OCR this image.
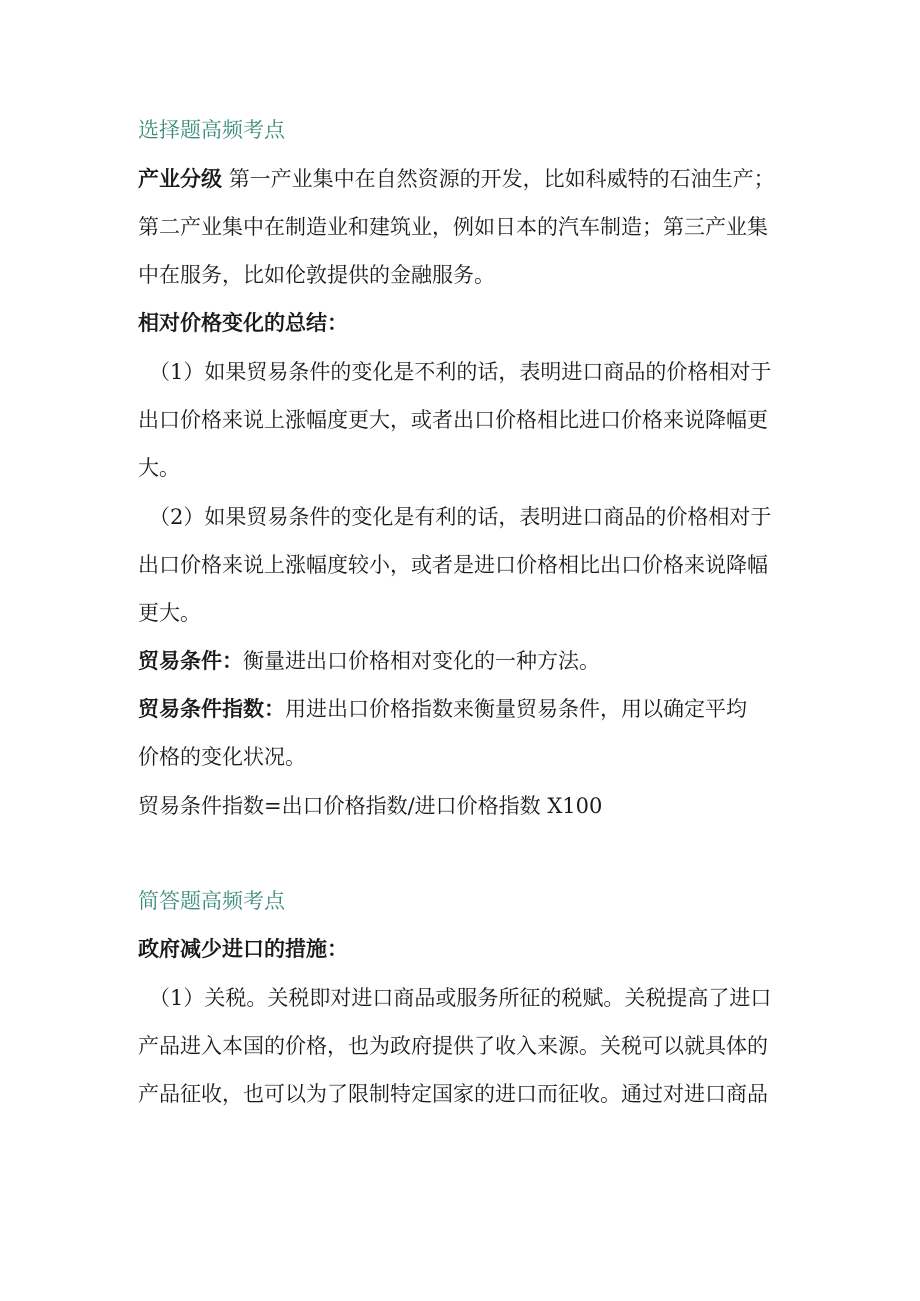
选择题高频考点
产业分级 第一产业集中在自然资源的开发，比如科威特的石油生产；
第二产业集中在制造业和建筑业，例如日本的汽车制造；第三产业集
中在服务，比如伦敦提供的金融服务。
相对价格变化的总结：
（1）如果贸易条件的变化是不利的话，表明进口商品的价格相对于
出口价格来说上涨幅度更大，或者出口价格相比进口价格来说降幅更
大。
（2）如果贸易条件的变化是有利的话，表明进口商品的价格相对于
出口价格来说上涨幅度较小，或者是进口价格相比出口价格来说降幅
更大。
贸易条件：衡量进出口价格相对变化的一种方法。
贸易条件指数：用进出口价格指数来衡量贸易条件，用以确定平均
价格的变化状况。
贸易条件指数=出口价格指数/进口价格指数 X100
简答题高频考点
政府减少进口的措施：
（1）关税。关税即对进口商品或服务所征的税赋。关税提高了进口
产品进入本国的价格，也为政府提供了收入来源。关税可以就具体的
产品征收，也可以为了限制特定国家的进口而征收。通过对进口商品
